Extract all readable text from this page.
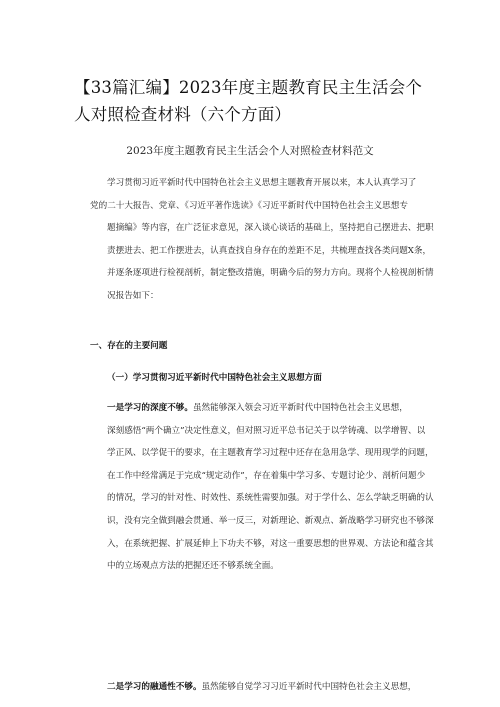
【33篇汇编】2023年度主题教育民主生活会个人对照检查材料（六个方面）
2023年度主题教育民主生活会个人对照检查材料范文
学习贯彻习近平新时代中国特色社会主义思想主题教育开展以来，本人认真学习了
党的二十大报告、党章、《习近平著作选读》《习近平新时代中国特色社会主义思想专
题摘编》等内容，在广泛征求意见，深入谈心谈话的基础上，坚持把自己摆进去、把职
责摆进去、把工作摆进去，认真查找自身存在的差距不足，共梳理查找各类问题X条，
并逐条逐项进行检视剖析，制定整改措施，明确今后的努力方向。现将个人检视剖析情
况报告如下：
一、存在的主要问题
（一）学习贯彻习近平新时代中国特色社会主义思想方面
一是学习的深度不够。虽然能够深入领会习近平新时代中国特色社会主义思想，
深刻感悟“两个确立”决定性意义，但对照习近平总书记关于以学铸魂、以学增智、以
学正风、以学促干的要求，在主题教育学习过程中还存在急用急学、现用现学的问题，
在工作中经常满足于完成“规定动作”，存在着集中学习多、专题讨论少、剖析问题少
的情况，学习的针对性、时效性、系统性需要加强。对于学什么、怎么学缺乏明确的认
识，没有完全做到融会贯通、举一反三，对新理论、新观点、新战略学习研究也不够深
入，在系统把握、扩展延伸上下功夫不够，对这一重要思想的世界观、方法论和蕴含其
中的立场观点方法的把握还还不够系统全面。
二是学习的融通性不够。虽然能够自觉学习习近平新时代中国特色社会主义思想，
